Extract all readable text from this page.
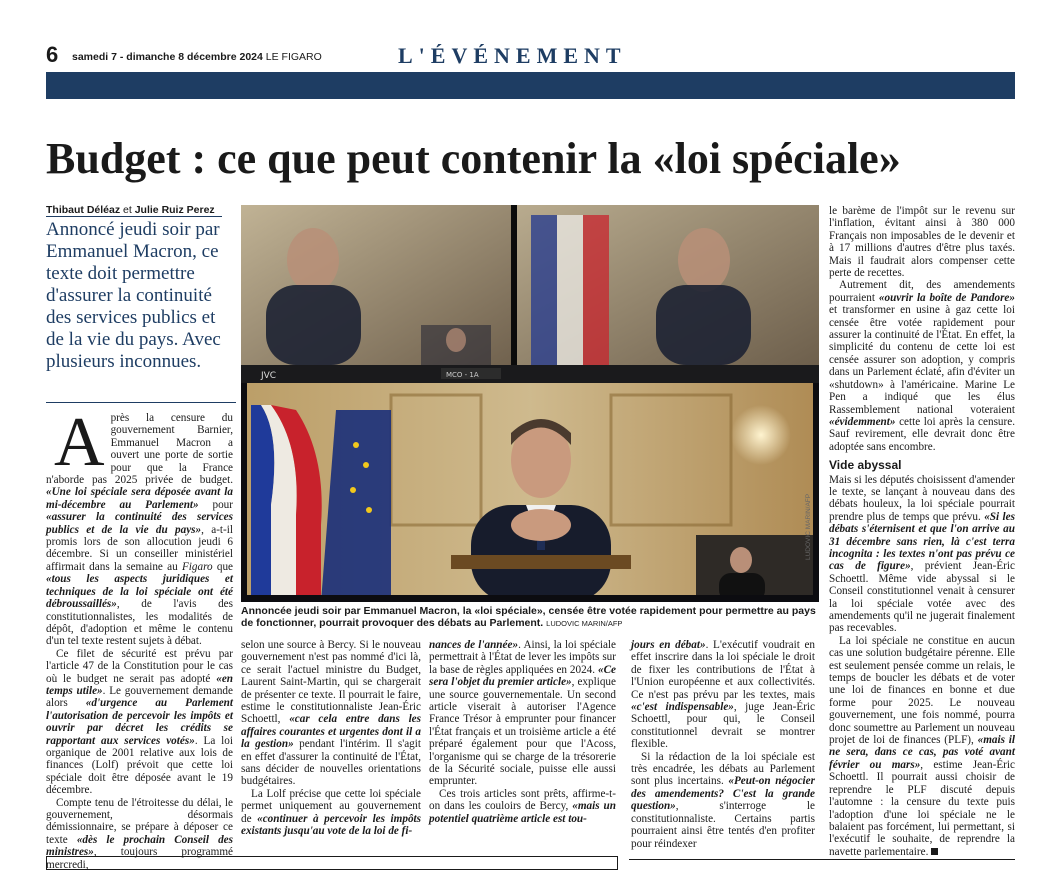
6 samedi 7 - dimanche 8 décembre 2024 LE FIGARO	L'ÉVÉNEMENT
Budget : ce que peut contenir la «loi spéciale»
Thibaut Déléaz et Julie Ruiz Perez
Annoncé jeudi soir par Emmanuel Macron, ce texte doit permettre d'assurer la continuité des services publics et de la vie du pays. Avec plusieurs inconnues.

Après la censure du gouvernement Barnier, Emmanuel Macron a ouvert une porte de sortie pour que la France n'aborde pas 2025 privée de budget. «Une loi spéciale sera déposée avant la mi-décembre au Parlement» pour «assurer la continuité des services publics et de la vie du pays», a-t-il promis lors de son allocution jeudi 6 décembre. Si un conseiller ministériel affirmait dans la semaine au Figaro que «tous les aspects juridiques et techniques de la loi spéciale ont été débroussaillés», de l'avis des constitutionnalistes, les modalités de dépôt, d'adoption et même le contenu d'un tel texte restent sujets à débat.

Ce filet de sécurité est prévu par l'article 47 de la Constitution pour le cas où le budget ne serait pas adopté «en temps utile». Le gouvernement demande alors «d'urgence au Parlement l'autorisation de percevoir les impôts et ouvrir par décret les crédits se rapportant aux services votés». La loi organique de 2001 relative aux lois de finances (Lolf) prévoit que cette loi spéciale doit être déposée avant le 19 décembre.

Compte tenu de l'étroitesse du délai, le gouvernement, désormais démissionnaire, se prépare à déposer ce texte «dès le prochain Conseil des ministres», toujours programmé mercredi,

JVC	MCO - 1A
LUDOVIC MARIN/AFP
Annoncée jeudi soir par Emmanuel Macron, la «loi spéciale», censée être votée rapidement pour permettre au pays de fonctionner, pourrait provoquer des débats au Parlement. LUDOVIC MARIN/AFP

selon une source à Bercy. Si le nouveau gouvernement n'est pas nommé d'ici là, ce serait l'actuel ministre du Budget, Laurent Saint-Martin, qui se chargerait de présenter ce texte. Il pourrait le faire, estime le constitutionnaliste Jean-Éric Schoettl, «car cela entre dans les affaires courantes et urgentes dont il a la gestion» pendant l'intérim. Il s'agit en effet d'assurer la continuité de l'État, sans décider de nouvelles orientations budgétaires.

La Lolf précise que cette loi spéciale permet uniquement au gouvernement de «continuer à percevoir les impôts existants jusqu'au vote de la loi de fi-

nances de l'année». Ainsi, la loi spéciale permettrait à l'État de lever les impôts sur la base de règles appliquées en 2024. «Ce sera l'objet du premier article», explique une source gouvernementale. Un second article viserait à autoriser l'Agence France Trésor à emprunter pour financer l'État français et un troisième article a été préparé également pour que l'Acoss, l'organisme qui se charge de la trésorerie de la Sécurité sociale, puisse elle aussi emprunter.

Ces trois articles sont prêts, affirme-t-on dans les couloirs de Bercy, «mais un potentiel quatrième article est tou-

jours en débat». L'exécutif voudrait en effet inscrire dans la loi spéciale le droit de fixer les contributions de l'État à l'Union européenne et aux collectivités. Ce n'est pas prévu par les textes, mais «c'est indispensable», juge Jean-Éric Schoettl, pour qui, le Conseil constitutionnel devrait se montrer flexible.

Si la rédaction de la loi spéciale est très encadrée, les débats au Parlement sont plus incertains. «Peut-on négocier des amendements? C'est la grande question», s'interroge le constitutionnaliste. Certains partis pourraient ainsi être tentés d'en profiter pour réindexer

le barème de l'impôt sur le revenu sur l'inflation, évitant ainsi à 380 000 Français non imposables de le devenir et à 17 millions d'autres d'être plus taxés. Mais il faudrait alors compenser cette perte de recettes.

Autrement dit, des amendements pourraient «ouvrir la boîte de Pandore» et transformer en usine à gaz cette loi censée être votée rapidement pour assurer la continuité de l'État. En effet, la simplicité du contenu de cette loi est censée assurer son adoption, y compris dans un Parlement éclaté, afin d'éviter un «shutdown» à l'américaine. Marine Le Pen a indiqué que les élus Rassemblement national voteraient «évidemment» cette loi après la censure. Sauf revirement, elle devrait donc être adoptée sans encombre.

Vide abyssal

Mais si les députés choisissent d'amender le texte, se lançant à nouveau dans des débats houleux, la loi spéciale pourrait prendre plus de temps que prévu. «Si les débats s'éternisent et que l'on arrive au 31 décembre sans rien, là c'est terra incognita : les textes n'ont pas prévu ce cas de figure», prévient Jean-Éric Schoettl. Même vide abyssal si le Conseil constitutionnel venait à censurer la loi spéciale votée avec des amendements qu'il ne jugerait finalement pas recevables.

La loi spéciale ne constitue en aucun cas une solution budgétaire pérenne. Elle est seulement pensée comme un relais, le temps de boucler les débats et de voter une loi de finances en bonne et due forme pour 2025. Le nouveau gouvernement, une fois nommé, pourra donc soumettre au Parlement un nouveau projet de loi de finances (PLF), «mais il ne sera, dans ce cas, pas voté avant février ou mars», estime Jean-Éric Schoettl. Il pourrait aussi choisir de reprendre le PLF discuté depuis l'automne : la censure du texte puis l'adoption d'une loi spéciale ne le balaient pas forcément, lui permettant, si l'exécutif le souhaite, de reprendre la navette parlementaire.
